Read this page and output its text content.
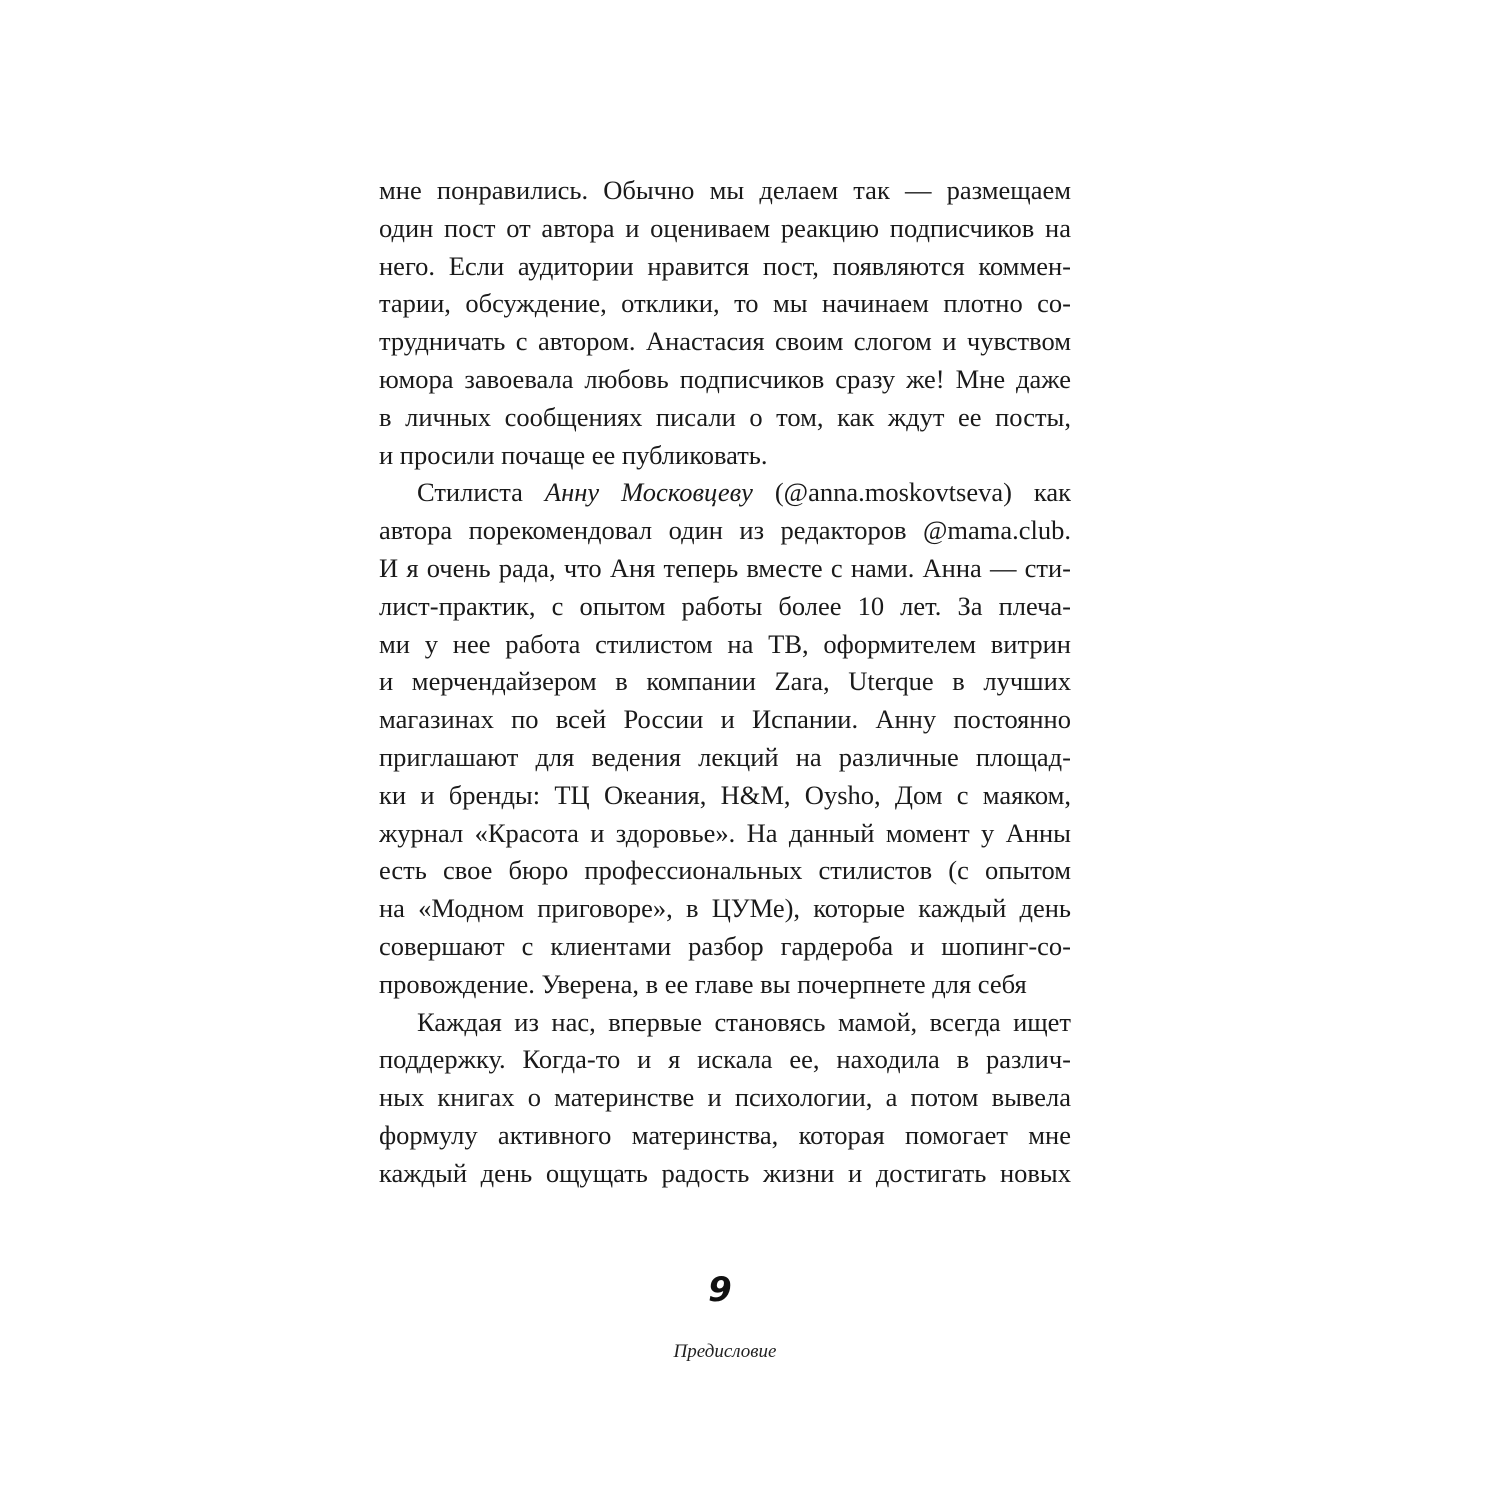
мне понравились. Обычно мы делаем так — размещаем
один пост от автора и оцениваем реакцию подписчиков на
него. Если аудитории нравится пост, появляются коммен-
тарии, обсуждение, отклики, то мы начинаем плотно со-
трудничать с автором. Анастасия своим слогом и чувством
юмора завоевала любовь подписчиков сразу же! Мне даже
в личных сообщениях писали о том, как ждут ее посты,
и просили почаще ее публиковать.
Стилиста Анну Московцеву (@anna.moskovtseva) как
автора порекомендовал один из редакторов @mama.club.
И я очень рада, что Аня теперь вместе с нами. Анна — сти-
лист-практик, с опытом работы более 10 лет. За плеча-
ми у нее работа стилистом на ТВ, оформителем витрин
и мерчендайзером в компании Zara, Uterque в лучших
магазинах по всей России и Испании. Анну постоянно
приглашают для ведения лекций на различные площад-
ки и бренды: ТЦ Океания, H&M, Oysho, Дом с маяком,
журнал «Красота и здоровье». На данный момент у Анны
есть свое бюро профессиональных стилистов (с опытом
на «Модном приговоре», в ЦУМе), которые каждый день
совершают с клиентами разбор гардероба и шопинг-со-
провождение. Уверена, в ее главе вы почерпнете для себя
Каждая из нас, впервые становясь мамой, всегда ищет
поддержку. Когда-то и я искала ее, находила в различ-
ных книгах о материнстве и психологии, а потом вывела
формулу активного материнства, которая помогает мне
каждый день ощущать радость жизни и достигать новых
9
Предисловие
